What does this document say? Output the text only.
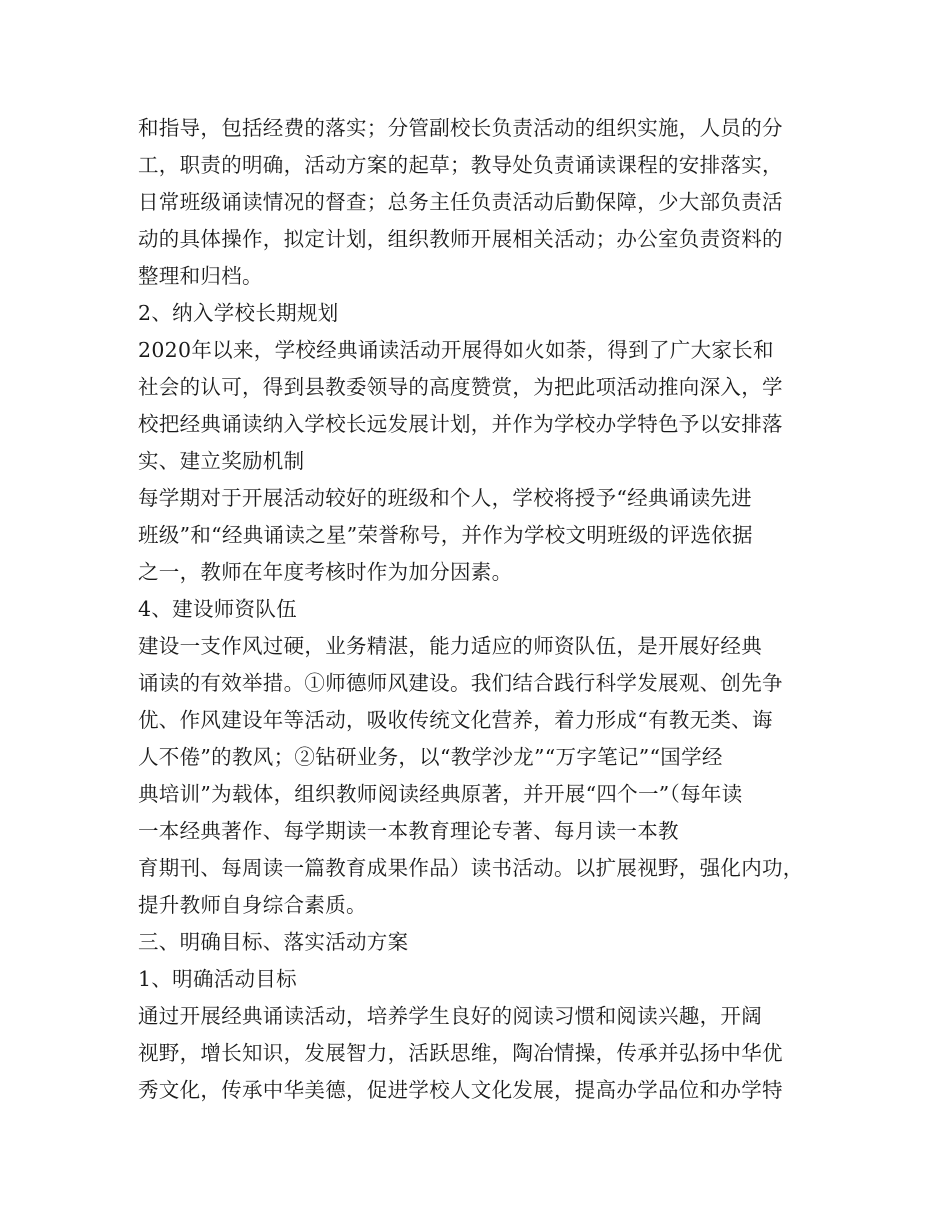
和指导，包括经费的落实；分管副校长负责活动的组织实施，人员的分
工，职责的明确，活动方案的起草；教导处负责诵读课程的安排落实，
日常班级诵读情况的督查；总务主任负责活动后勤保障，少大部负责活
动的具体操作，拟定计划，组织教师开展相关活动；办公室负责资料的
整理和归档。
2、纳入学校长期规划
2020年以来，学校经典诵读活动开展得如火如荼，得到了广大家长和
社会的认可，得到县教委领导的高度赞赏，为把此项活动推向深入，学
校把经典诵读纳入学校长远发展计划，并作为学校办学特色予以安排落
实、建立奖励机制
每学期对于开展活动较好的班级和个人，学校将授予“经典诵读先进
班级”和“经典诵读之星”荣誉称号，并作为学校文明班级的评选依据
之一，教师在年度考核时作为加分因素。
4、建设师资队伍
建设一支作风过硬，业务精湛，能力适应的师资队伍，是开展好经典
诵读的有效举措。①师德师风建设。我们结合践行科学发展观、创先争
优、作风建设年等活动，吸收传统文化营养，着力形成“有教无类、诲
人不倦”的教风；②钻研业务，以“教学沙龙”“万字笔记”“国学经
典培训”为载体，组织教师阅读经典原著，并开展“四个一”（每年读
一本经典著作、每学期读一本教育理论专著、每月读一本教
育期刊、每周读一篇教育成果作品）读书活动。以扩展视野，强化内功，
提升教师自身综合素质。
三、明确目标、落实活动方案
1、明确活动目标
通过开展经典诵读活动，培养学生良好的阅读习惯和阅读兴趣，开阔
视野，增长知识，发展智力，活跃思维，陶冶情操，传承并弘扬中华优
秀文化，传承中华美德，促进学校人文化发展，提高办学品位和办学特
